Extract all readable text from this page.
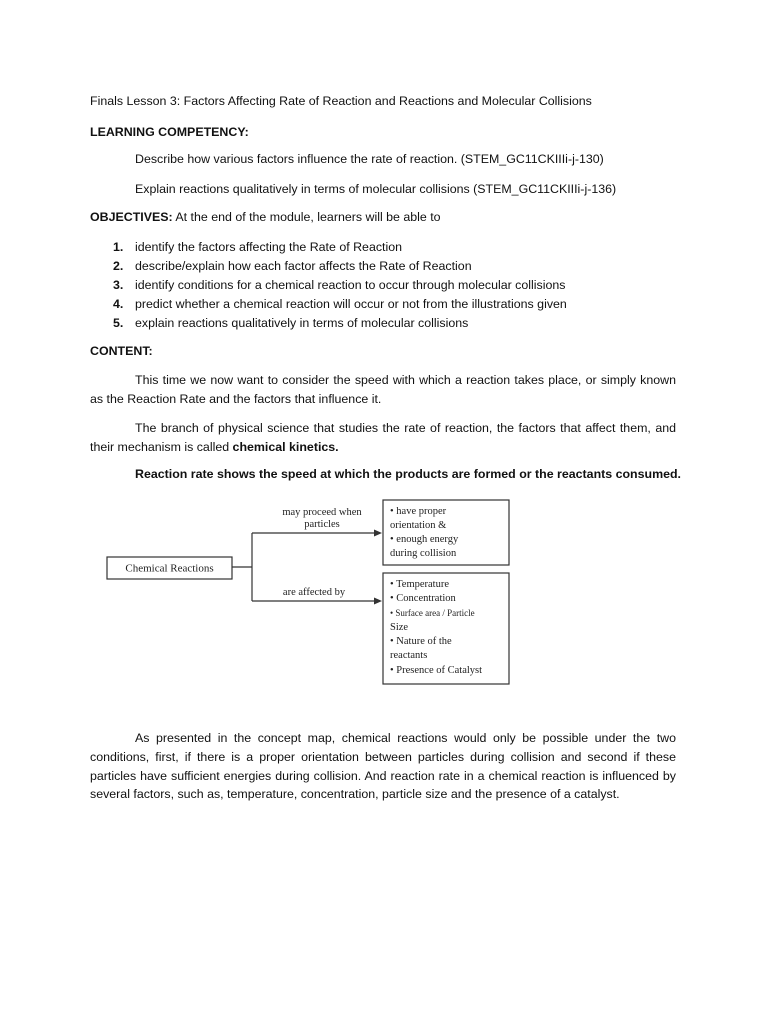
Finals Lesson 3: Factors Affecting Rate of Reaction and Reactions and Molecular Collisions
LEARNING COMPETENCY:
Describe how various factors influence the rate of reaction. (STEM_GC11CKIIIi-j-130)
Explain reactions qualitatively in terms of molecular collisions (STEM_GC11CKIIIi-j-136)
OBJECTIVES: At the end of the module, learners will be able to
1. identify the factors affecting the Rate of Reaction
2. describe/explain how each factor affects the Rate of Reaction
3. identify conditions for a chemical reaction to occur through molecular collisions
4. predict whether a chemical reaction will occur or not from the illustrations given
5. explain reactions qualitatively in terms of molecular collisions
CONTENT:
This time we now want to consider the speed with which a reaction takes place, or simply known as the Reaction Rate and the factors that influence it.
The branch of physical science that studies the rate of reaction, the factors that affect them, and their mechanism is called chemical kinetics.
Reaction rate shows the speed at which the products are formed or the reactants consumed.
As presented in the concept map, chemical reactions would only be possible under the two conditions, first, if there is a proper orientation between particles during collision and second if these particles have sufficient energies during collision. And reaction rate in a chemical reaction is influenced by several factors, such as, temperature, concentration, particle size and the presence of a catalyst.
Chemical Reactions
may proceed when
particles
are affected by
• have proper
orientation &
• enough energy
during collision
• Temperature
• Concentration
• Surface area / Particle
Size
• Nature of the
reactants
• Presence of Catalyst
